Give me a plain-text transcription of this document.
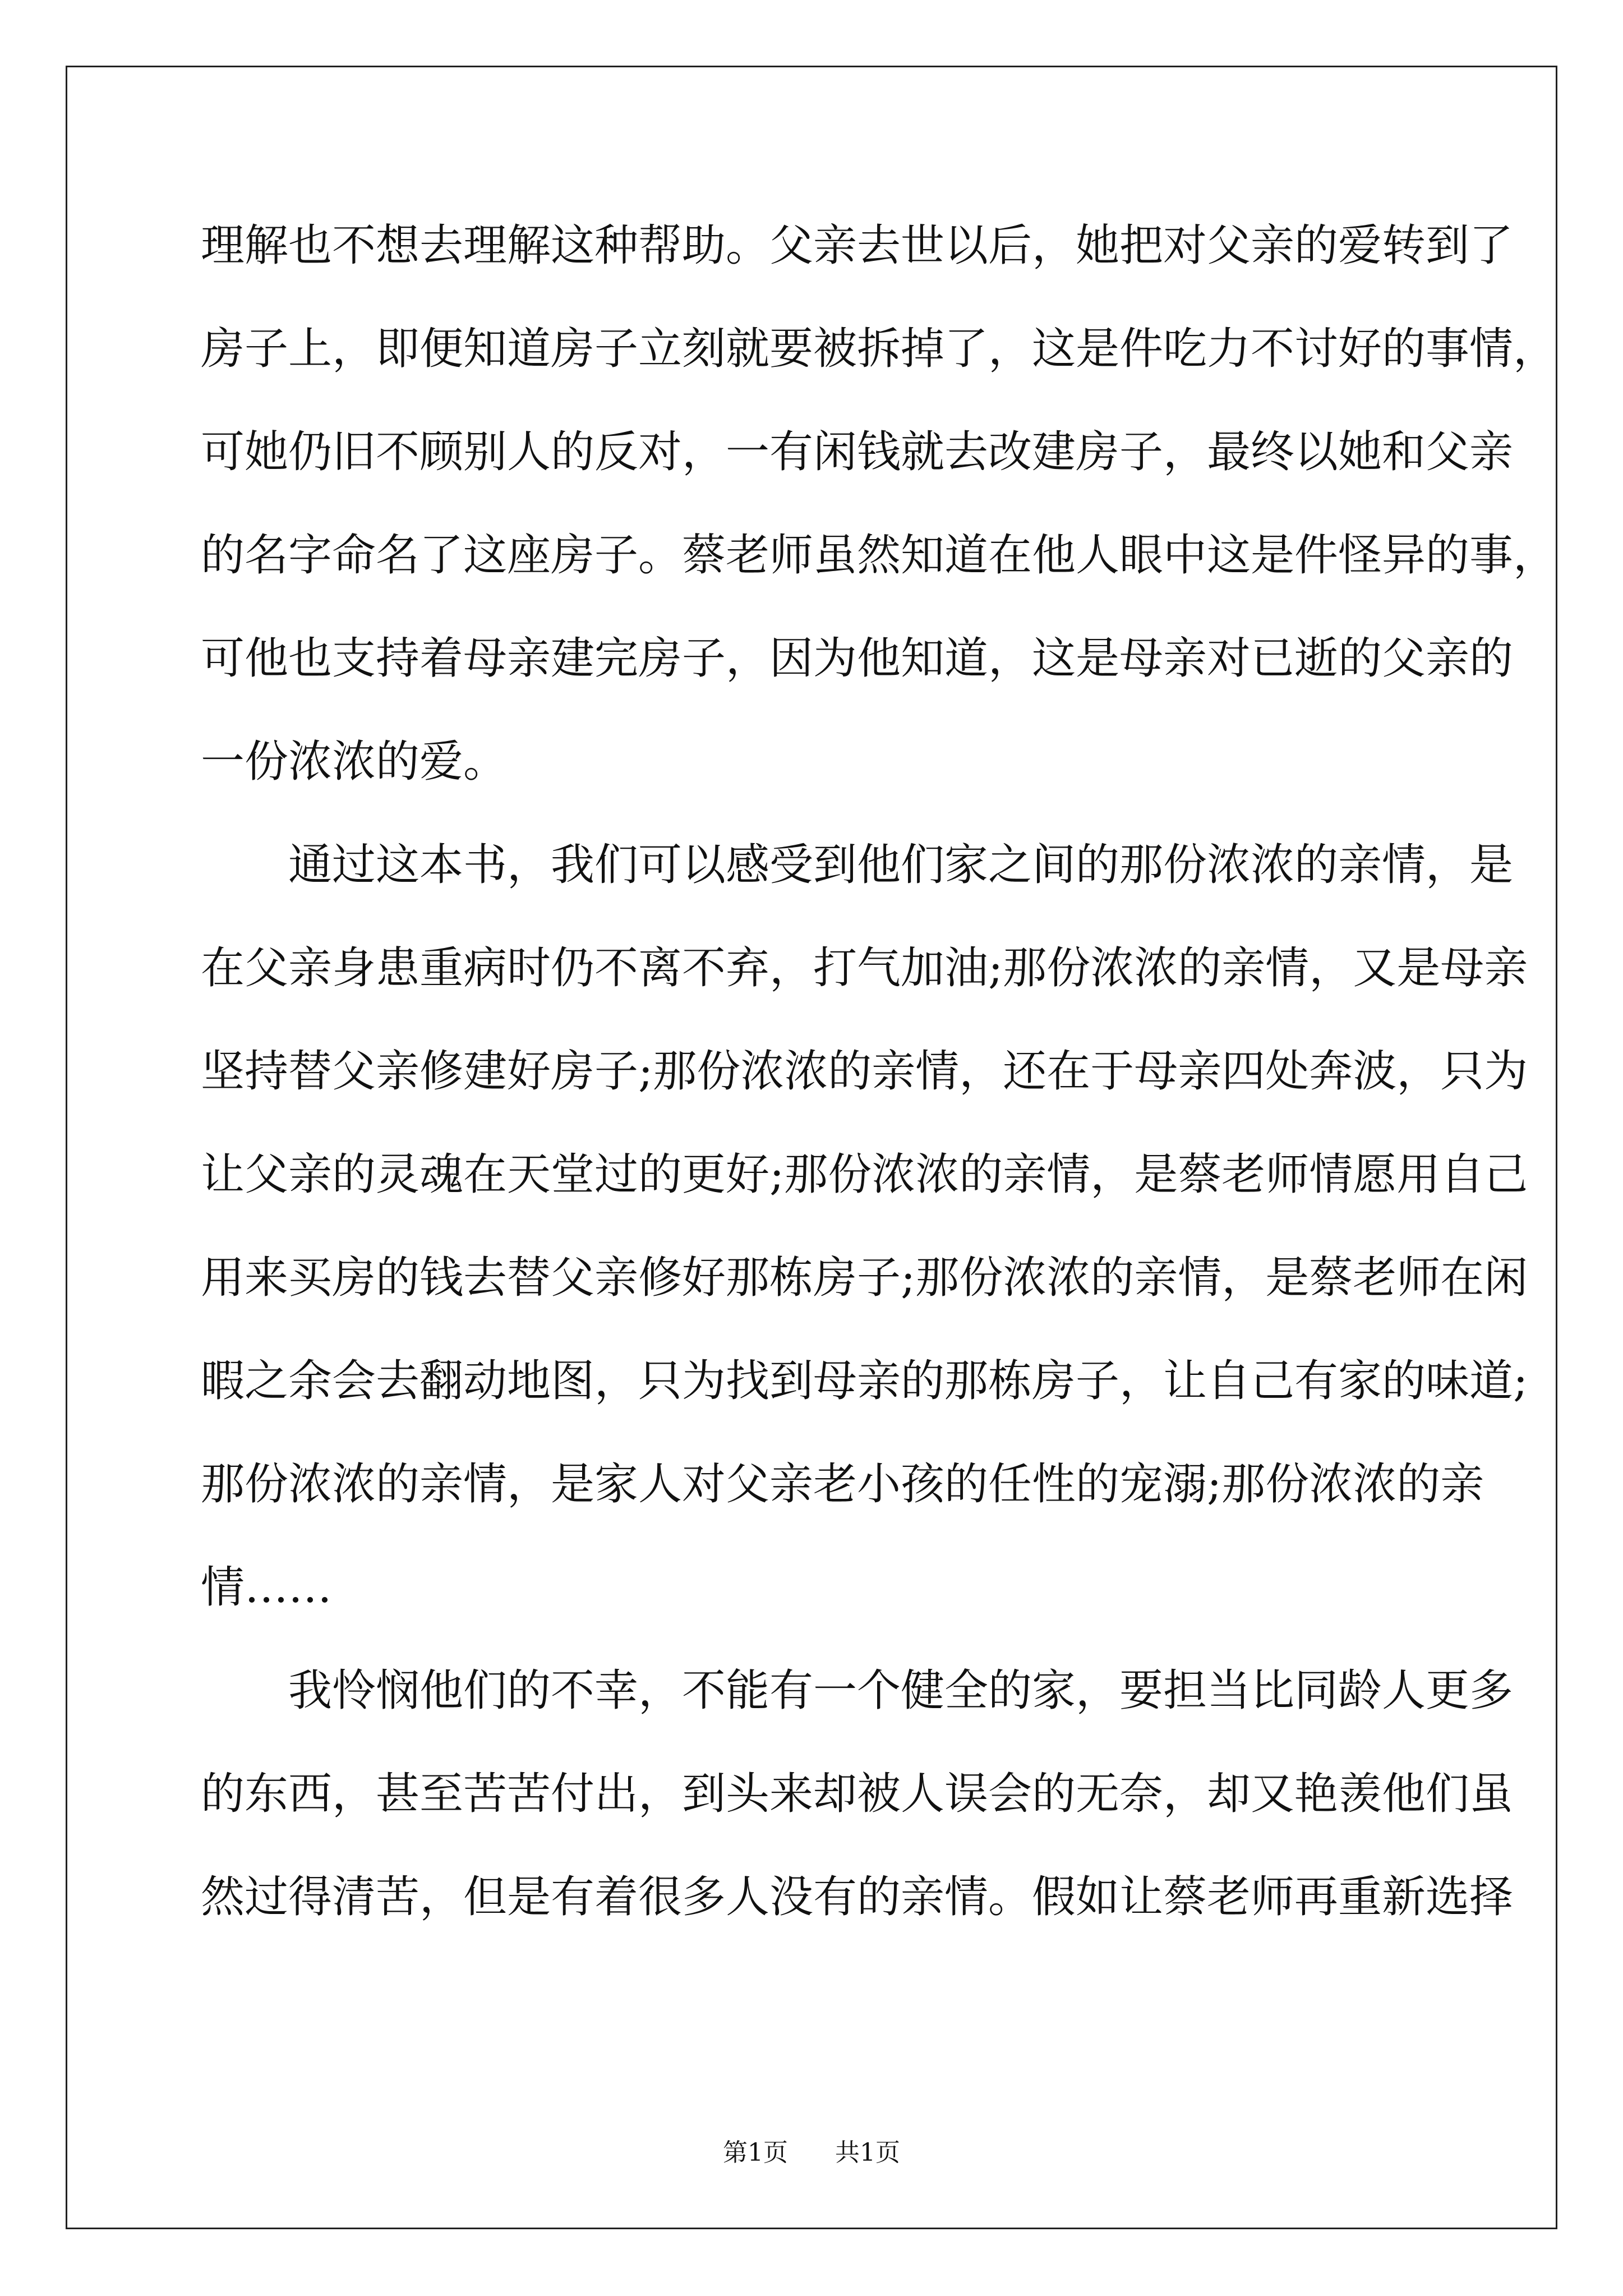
理解也不想去理解这种帮助。父亲去世以后，她把对父亲的爱转到了
房子上，即便知道房子立刻就要被拆掉了，这是件吃力不讨好的事情，
可她仍旧不顾别人的反对，一有闲钱就去改建房子，最终以她和父亲
的名字命名了这座房子。蔡老师虽然知道在他人眼中这是件怪异的事，
可他也支持着母亲建完房子，因为他知道，这是母亲对已逝的父亲的
一份浓浓的爱。
　　通过这本书，我们可以感受到他们家之间的那份浓浓的亲情，是
在父亲身患重病时仍不离不弃，打气加油;那份浓浓的亲情，又是母亲
坚持替父亲修建好房子;那份浓浓的亲情，还在于母亲四处奔波，只为
让父亲的灵魂在天堂过的更好;那份浓浓的亲情，是蔡老师情愿用自己
用来买房的钱去替父亲修好那栋房子;那份浓浓的亲情，是蔡老师在闲
暇之余会去翻动地图，只为找到母亲的那栋房子，让自己有家的味道;
那份浓浓的亲情，是家人对父亲老小孩的任性的宠溺;那份浓浓的亲
情……
　　我怜悯他们的不幸，不能有一个健全的家，要担当比同龄人更多
的东西，甚至苦苦付出，到头来却被人误会的无奈，却又艳羡他们虽
然过得清苦，但是有着很多人没有的亲情。假如让蔡老师再重新选择
第1页 共1页
